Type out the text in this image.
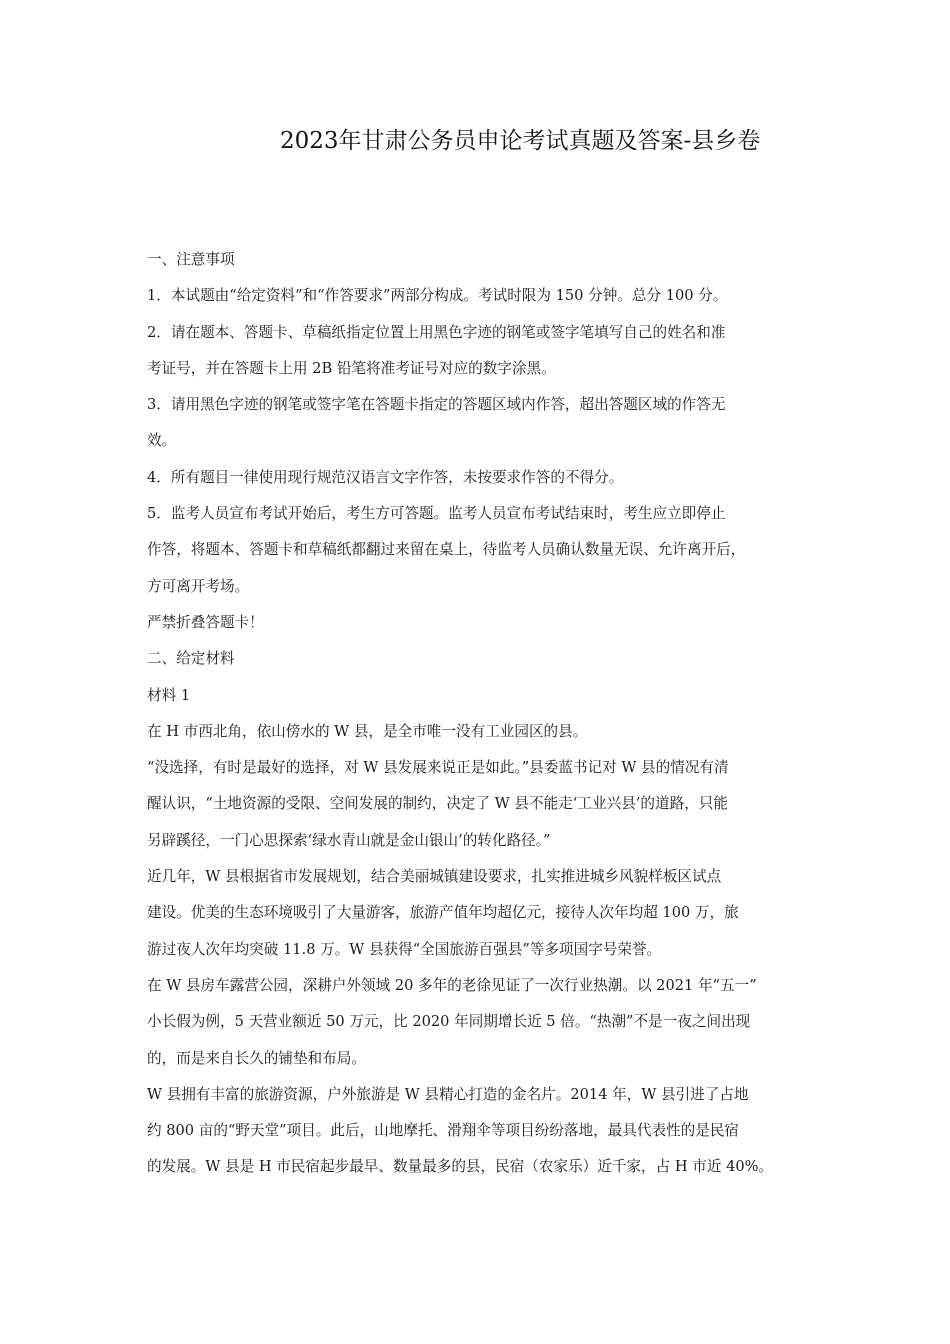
2023年甘肃公务员申论考试真题及答案-县乡卷
一、注意事项
1．本试题由“给定资料”和“作答要求”两部分构成。考试时限为 150 分钟。总分 100 分。
2．请在题本、答题卡、草稿纸指定位置上用黑色字迹的钢笔或签字笔填写自己的姓名和准
考证号，并在答题卡上用 2B 铅笔将准考证号对应的数字涂黑。
3．请用黑色字迹的钢笔或签字笔在答题卡指定的答题区域内作答，超出答题区域的作答无
效。
4．所有题目一律使用现行规范汉语言文字作答，未按要求作答的不得分。
5．监考人员宣布考试开始后，考生方可答题。监考人员宣布考试结束时，考生应立即停止
作答，将题本、答题卡和草稿纸都翻过来留在桌上，待监考人员确认数量无误、允许离开后，
方可离开考场。
严禁折叠答题卡！
二、给定材料
材料 1
在 H 市西北角，依山傍水的 W 县，是全市唯一没有工业园区的县。
“没选择，有时是最好的选择，对 W 县发展来说正是如此。”县委蓝书记对 W 县的情况有清
醒认识，“土地资源的受限、空间发展的制约，决定了 W 县不能走‘工业兴县’的道路，只能
另辟蹊径，一门心思探索‘绿水青山就是金山银山’的转化路径。”
近几年，W 县根据省市发展规划，结合美丽城镇建设要求，扎实推进城乡风貌样板区试点
建设。优美的生态环境吸引了大量游客，旅游产值年均超亿元，接待人次年均超 100 万，旅
游过夜人次年均突破 11.8 万。W 县获得“全国旅游百强县”等多项国字号荣誉。
在 W 县房车露营公园，深耕户外领域 20 多年的老徐见证了一次行业热潮。以 2021 年“五一”
小长假为例，5 天营业额近 50 万元，比 2020 年同期增长近 5 倍。“热潮”不是一夜之间出现
的，而是来自长久的铺垫和布局。
W 县拥有丰富的旅游资源，户外旅游是 W 县精心打造的金名片。2014 年，W 县引进了占地
约 800 亩的“野天堂”项目。此后，山地摩托、滑翔伞等项目纷纷落地，最具代表性的是民宿
的发展。W 县是 H 市民宿起步最早、数量最多的县，民宿（农家乐）近千家，占 H 市近 40%。
